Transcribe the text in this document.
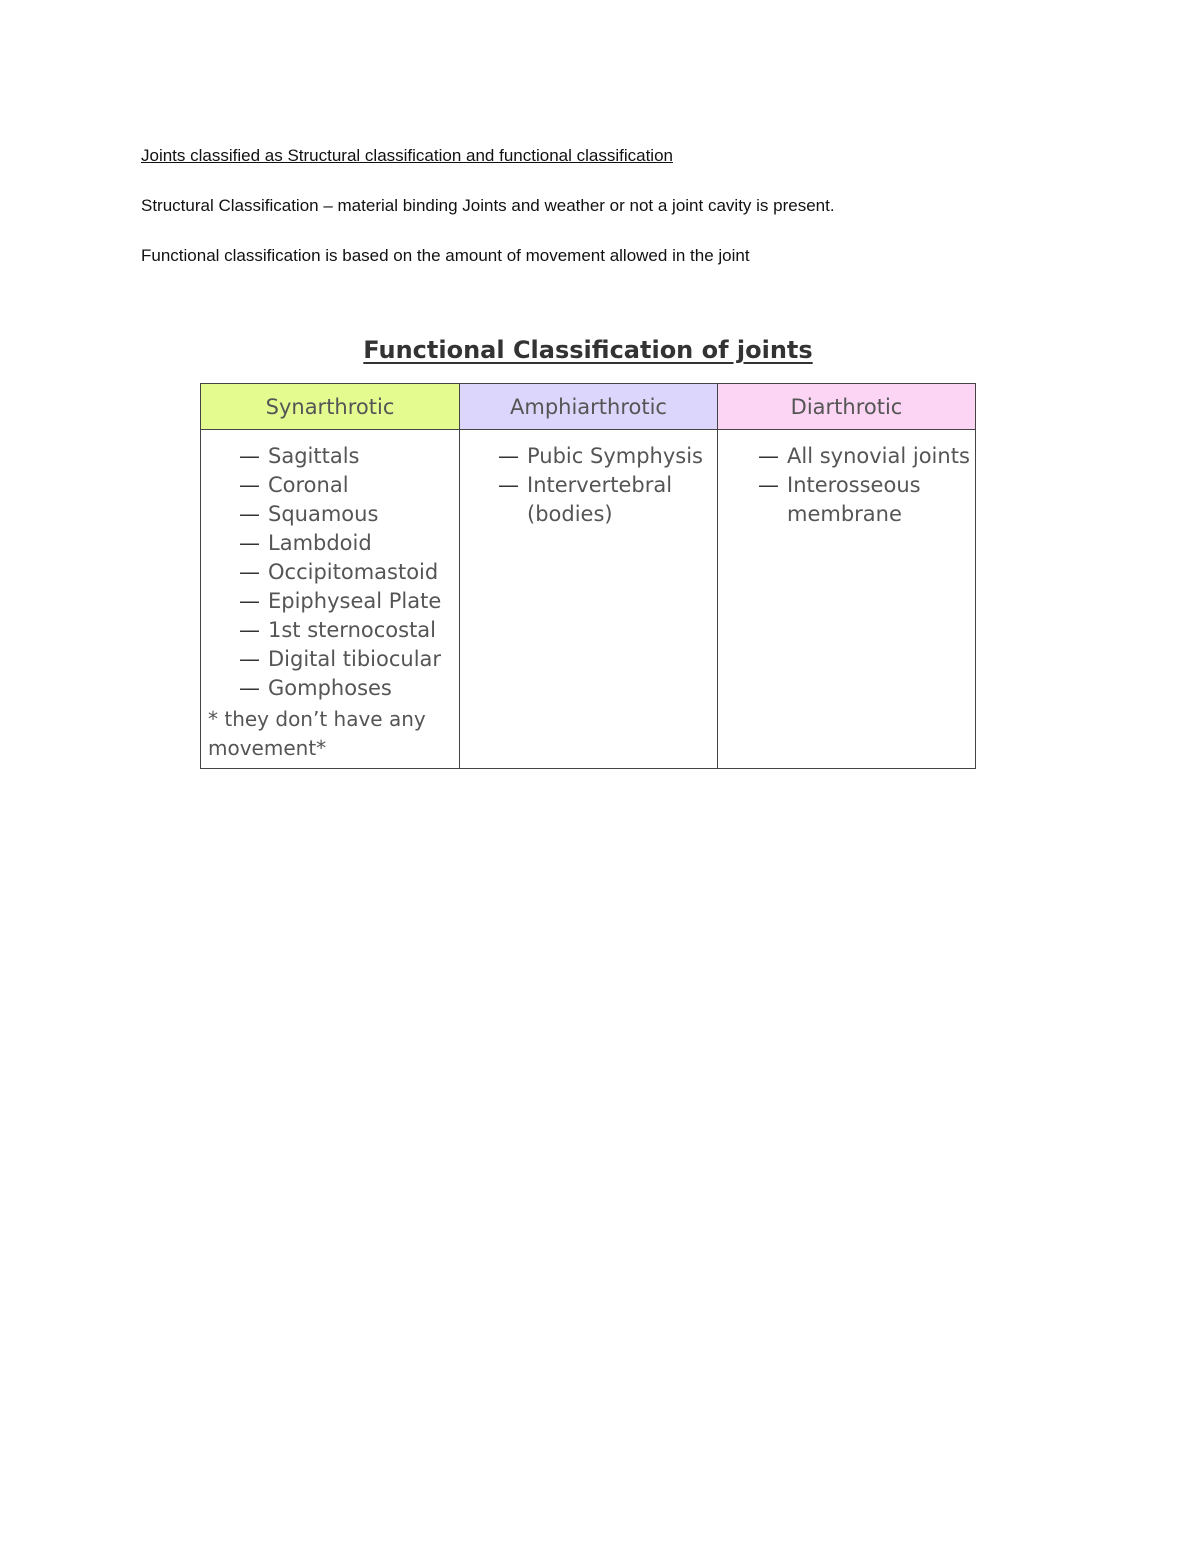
Joints classified as Structural classification and functional classification
Structural Classification – material binding Joints and weather or not a joint cavity is present.
Functional classification is based on the amount of movement allowed in the joint
Functional Classification of joints
Synarthrotic	Amphiarthrotic	Diarthrotic
— Sagittals
— Coronal
— Squamous
— Lambdoid
— Occipitomastoid
— Epiphyseal Plate
— 1st sternocostal
— Digital tibiocular
— Gomphoses
* they don’t have any movement*
— Pubic Symphysis
— Intervertebral (bodies)
— All synovial joints
— Interosseous membrane
